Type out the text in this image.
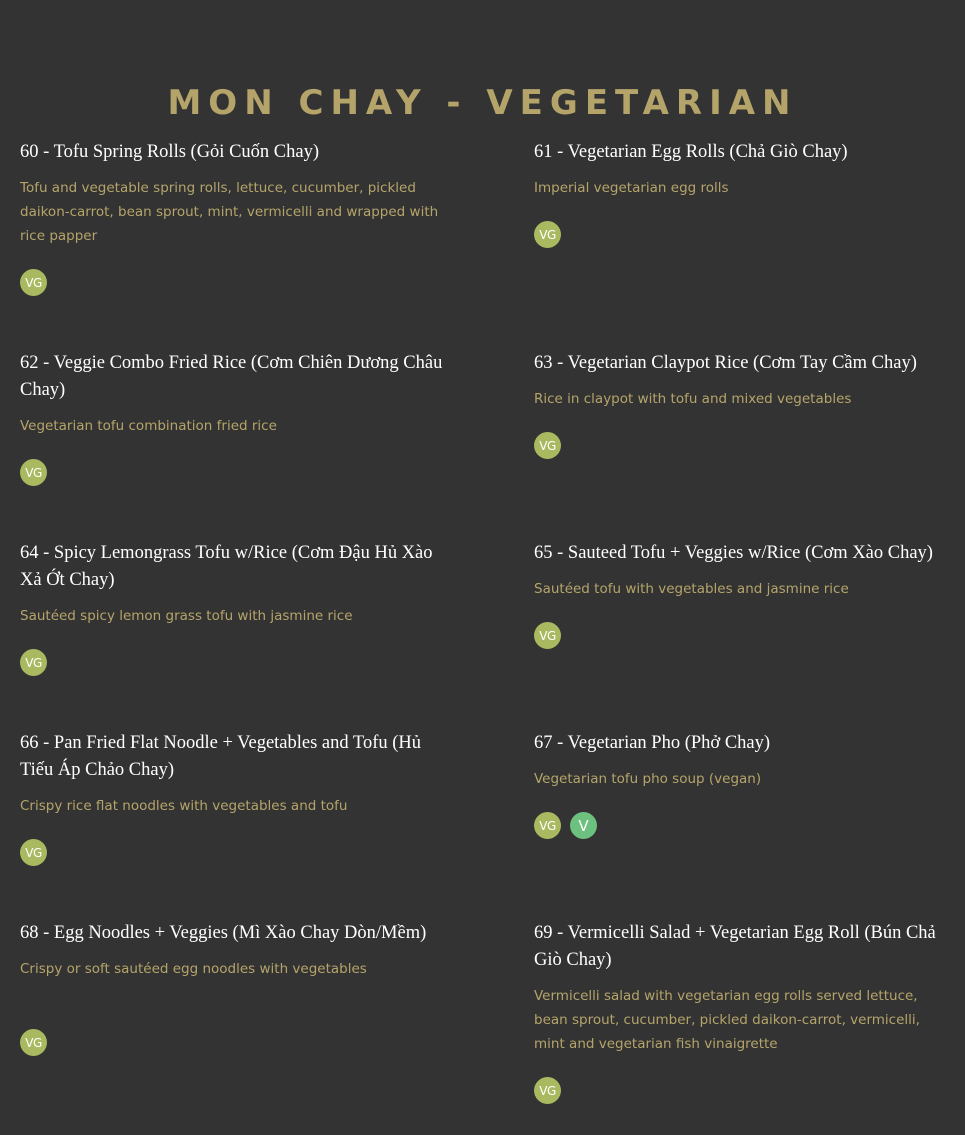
MON CHAY - VEGETARIAN

60 - Tofu Spring Rolls (Gỏi Cuốn Chay)

Tofu and vegetable spring rolls, lettuce, cucumber, pickled daikon-carrot, bean sprout, mint, vermicelli and wrapped with rice papper

VG

61 - Vegetarian Egg Rolls (Chả Giò Chay)

Imperial vegetarian egg rolls

VG

62 - Veggie Combo Fried Rice (Cơm Chiên Dương Châu Chay)

Vegetarian tofu combination fried rice

VG

63 - Vegetarian Claypot Rice (Cơm Tay Cầm Chay)

Rice in claypot with tofu and mixed vegetables

VG

64 - Spicy Lemongrass Tofu w/Rice (Cơm Đậu Hủ Xào Xả Ớt Chay)

Sautéed spicy lemon grass tofu with jasmine rice

VG

65 - Sauteed Tofu + Veggies w/Rice (Cơm Xào Chay)

Sautéed tofu with vegetables and jasmine rice

VG

66 - Pan Fried Flat Noodle + Vegetables and Tofu (Hủ Tiếu Áp Chảo Chay)

Crispy rice flat noodles with vegetables and tofu

VG

67 - Vegetarian Pho (Phở Chay)

Vegetarian tofu pho soup (vegan)

VG	V

68 - Egg Noodles + Veggies (Mì Xào Chay Dòn/Mềm)

Crispy or soft sautéed egg noodles with vegetables

VG

69 - Vermicelli Salad + Vegetarian Egg Roll (Bún Chả Giò Chay)

Vermicelli salad with vegetarian egg rolls served lettuce, bean sprout, cucumber, pickled daikon-carrot, vermicelli, mint and vegetarian fish vinaigrette

VG
